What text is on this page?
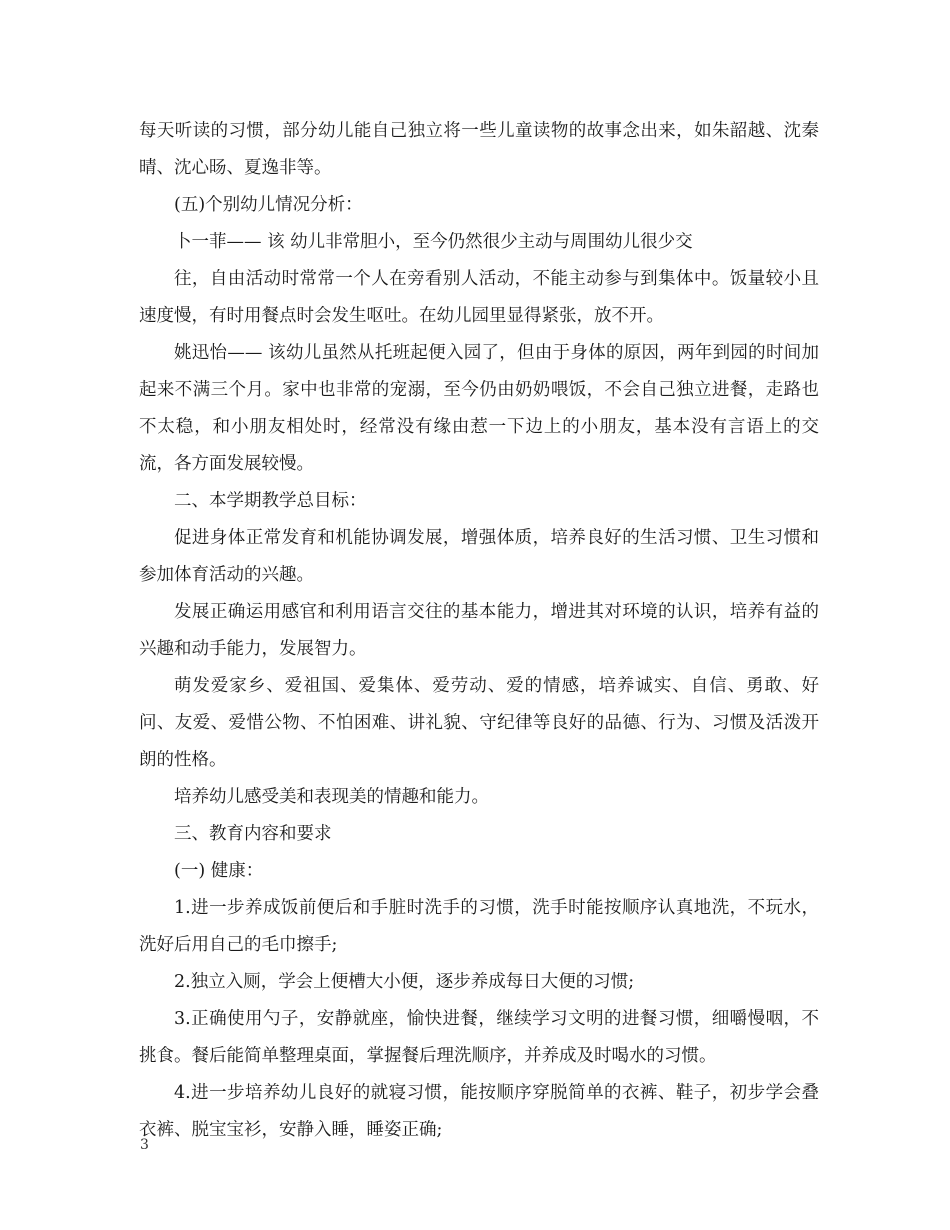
每天听读的习惯，部分幼儿能自己独立将一些儿童读物的故事念出来，如朱韶越、沈秦晴、沈心旸、夏逸非等。

(五)个别幼儿情况分析：

卜一菲—— 该 幼儿非常胆小，至今仍然很少主动与周围幼儿很少交

往，自由活动时常常一个人在旁看别人活动，不能主动参与到集体中。饭量较小且速度慢，有时用餐点时会发生呕吐。在幼儿园里显得紧张，放不开。

姚迅怡—— 该幼儿虽然从托班起便入园了，但由于身体的原因，两年到园的时间加起来不满三个月。家中也非常的宠溺，至今仍由奶奶喂饭，不会自己独立进餐，走路也不太稳，和小朋友相处时，经常没有缘由惹一下边上的小朋友，基本没有言语上的交流，各方面发展较慢。

二、本学期教学总目标：

促进身体正常发育和机能协调发展，增强体质，培养良好的生活习惯、卫生习惯和参加体育活动的兴趣。

发展正确运用感官和利用语言交往的基本能力，增进其对环境的认识，培养有益的兴趣和动手能力，发展智力。

萌发爱家乡、爱祖国、爱集体、爱劳动、爱的情感，培养诚实、自信、勇敢、好问、友爱、爱惜公物、不怕困难、讲礼貌、守纪律等良好的品德、行为、习惯及活泼开朗的性格。

培养幼儿感受美和表现美的情趣和能力。

三、教育内容和要求

(一) 健康：

1.进一步养成饭前便后和手脏时洗手的习惯，洗手时能按顺序认真地洗，不玩水，洗好后用自己的毛巾擦手;

2.独立入厕，学会上便槽大小便，逐步养成每日大便的习惯;

3.正确使用勺子，安静就座，愉快进餐，继续学习文明的进餐习惯，细嚼慢咽，不挑食。餐后能简单整理桌面，掌握餐后理洗顺序，并养成及时喝水的习惯。

4.进一步培养幼儿良好的就寝习惯，能按顺序穿脱简单的衣裤、鞋子，初步学会叠衣裤、脱宝宝衫，安静入睡，睡姿正确;

3
